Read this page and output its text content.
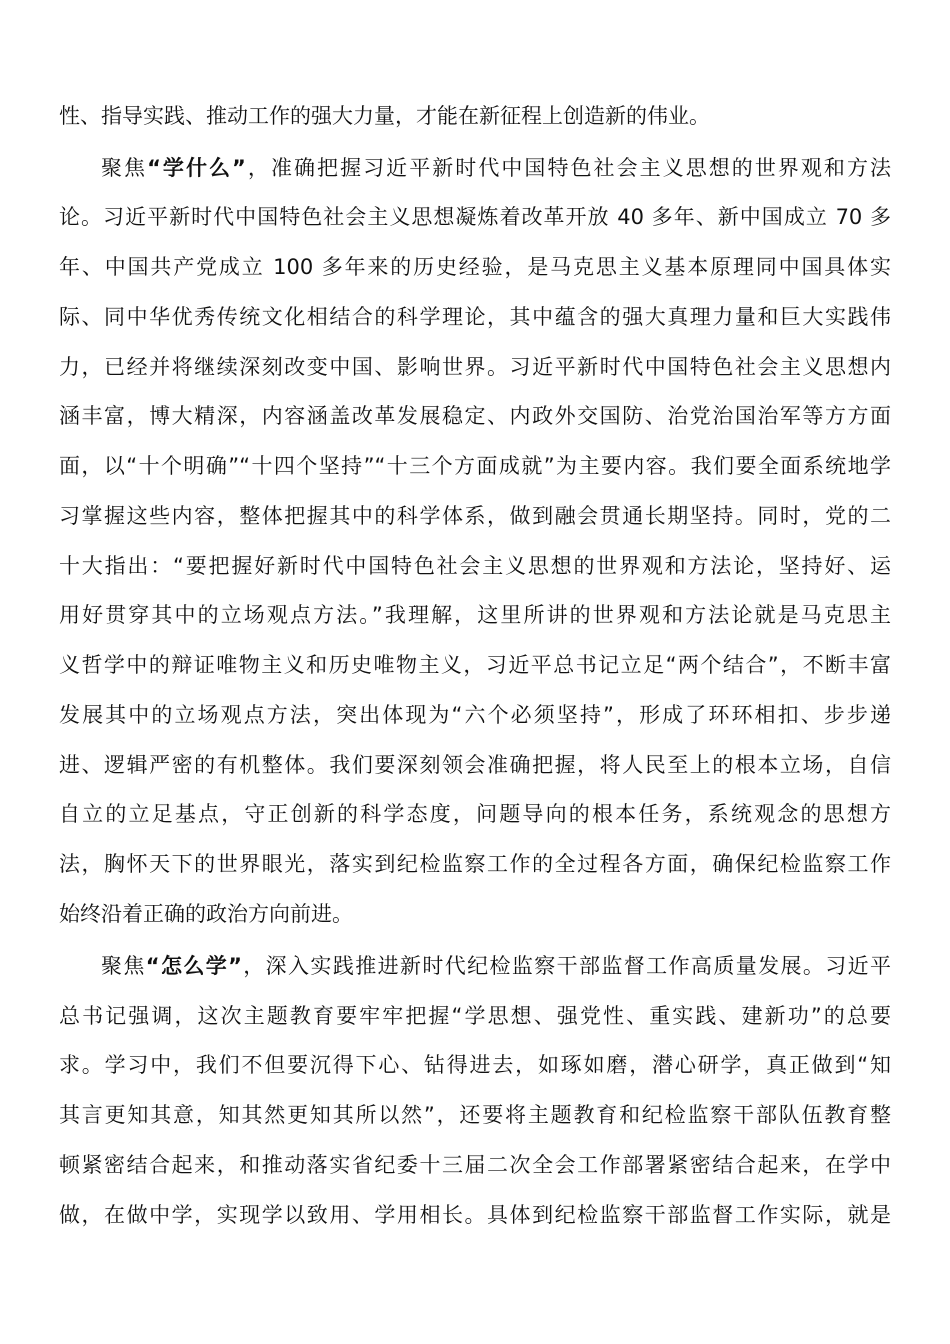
性、指导实践、推动工作的强大力量，才能在新征程上创造新的伟业。
聚焦“学什么”，准确把握习近平新时代中国特色社会主义思想的世界观和方法
论。习近平新时代中国特色社会主义思想凝炼着改革开放 40 多年、新中国成立 70 多
年、中国共产党成立 100 多年来的历史经验，是马克思主义基本原理同中国具体实
际、同中华优秀传统文化相结合的科学理论，其中蕴含的强大真理力量和巨大实践伟
力，已经并将继续深刻改变中国、影响世界。习近平新时代中国特色社会主义思想内
涵丰富，博大精深，内容涵盖改革发展稳定、内政外交国防、治党治国治军等方方面
面，以“十个明确”“十四个坚持”“十三个方面成就”为主要内容。我们要全面系统地学
习掌握这些内容，整体把握其中的科学体系，做到融会贯通长期坚持。同时，党的二
十大指出：“要把握好新时代中国特色社会主义思想的世界观和方法论，坚持好、运
用好贯穿其中的立场观点方法。”我理解，这里所讲的世界观和方法论就是马克思主
义哲学中的辩证唯物主义和历史唯物主义，习近平总书记立足“两个结合”，不断丰富
发展其中的立场观点方法，突出体现为“六个必须坚持”，形成了环环相扣、步步递
进、逻辑严密的有机整体。我们要深刻领会准确把握，将人民至上的根本立场，自信
自立的立足基点，守正创新的科学态度，问题导向的根本任务，系统观念的思想方
法，胸怀天下的世界眼光，落实到纪检监察工作的全过程各方面，确保纪检监察工作
始终沿着正确的政治方向前进。
聚焦“怎么学”，深入实践推进新时代纪检监察干部监督工作高质量发展。习近平
总书记强调，这次主题教育要牢牢把握“学思想、强党性、重实践、建新功”的总要
求。学习中，我们不但要沉得下心、钻得进去，如琢如磨，潜心研学，真正做到“知
其言更知其意，知其然更知其所以然”，还要将主题教育和纪检监察干部队伍教育整
顿紧密结合起来，和推动落实省纪委十三届二次全会工作部署紧密结合起来，在学中
做，在做中学，实现学以致用、学用相长。具体到纪检监察干部监督工作实际，就是
